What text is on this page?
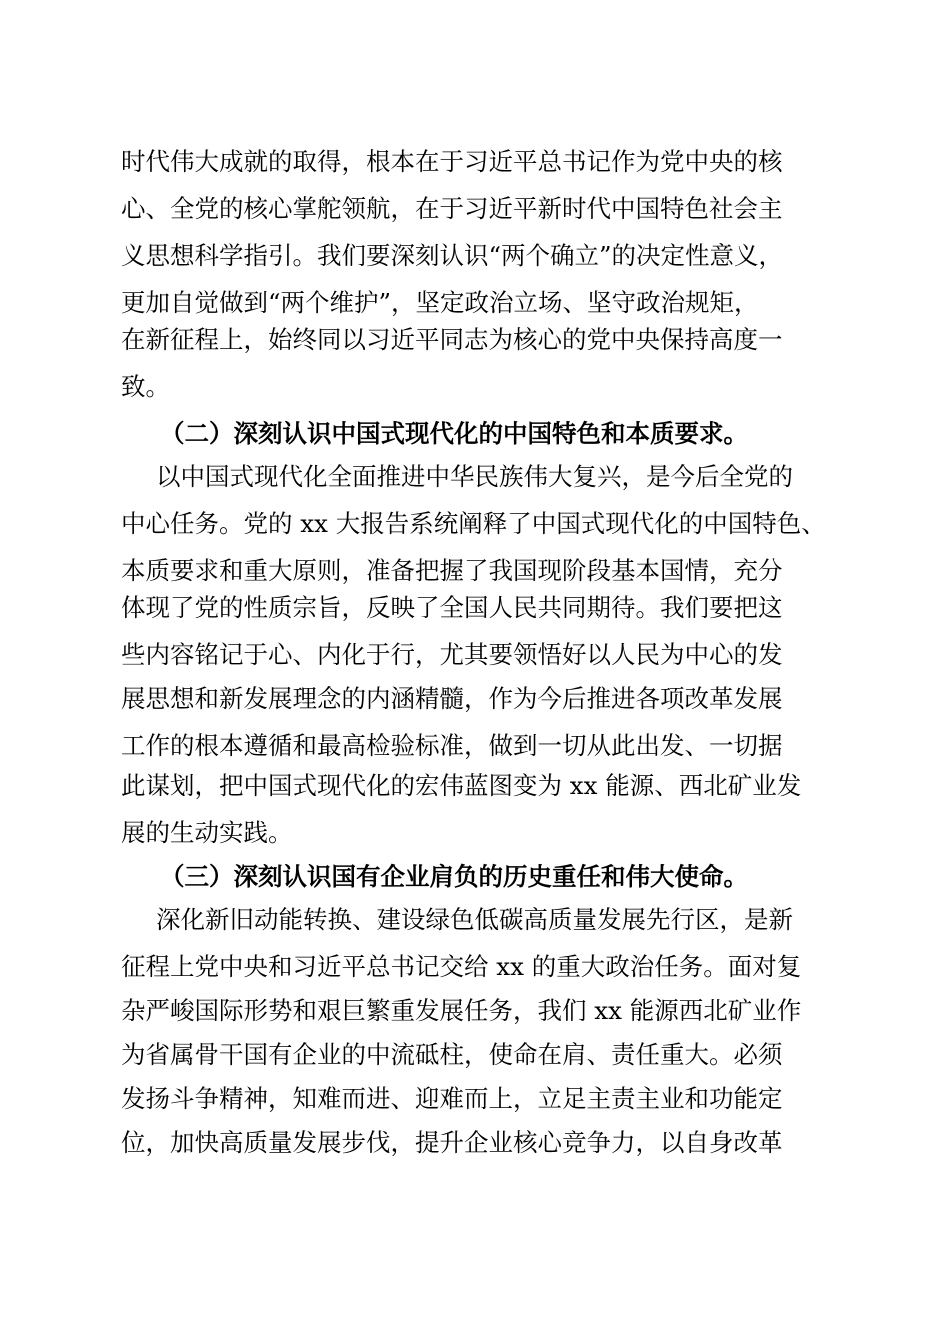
时代伟大成就的取得，根本在于习近平总书记作为党中央的核
心、全党的核心掌舵领航，在于习近平新时代中国特色社会主
义思想科学指引。我们要深刻认识“两个确立”的决定性意义，
更加自觉做到“两个维护”，坚定政治立场、坚守政治规矩，
在新征程上，始终同以习近平同志为核心的党中央保持高度一
致。
（二）深刻认识中国式现代化的中国特色和本质要求。
以中国式现代化全面推进中华民族伟大复兴，是今后全党的
中心任务。党的 xx 大报告系统阐释了中国式现代化的中国特色、
本质要求和重大原则，准备把握了我国现阶段基本国情，充分
体现了党的性质宗旨，反映了全国人民共同期待。我们要把这
些内容铭记于心、内化于行，尤其要领悟好以人民为中心的发
展思想和新发展理念的内涵精髓，作为今后推进各项改革发展
工作的根本遵循和最高检验标准，做到一切从此出发、一切据
此谋划，把中国式现代化的宏伟蓝图变为 xx 能源、西北矿业发
展的生动实践。
（三）深刻认识国有企业肩负的历史重任和伟大使命。
深化新旧动能转换、建设绿色低碳高质量发展先行区，是新
征程上党中央和习近平总书记交给 xx 的重大政治任务。面对复
杂严峻国际形势和艰巨繁重发展任务，我们 xx 能源西北矿业作
为省属骨干国有企业的中流砥柱，使命在肩、责任重大。必须
发扬斗争精神，知难而进、迎难而上，立足主责主业和功能定
位，加快高质量发展步伐，提升企业核心竞争力，以自身改革
